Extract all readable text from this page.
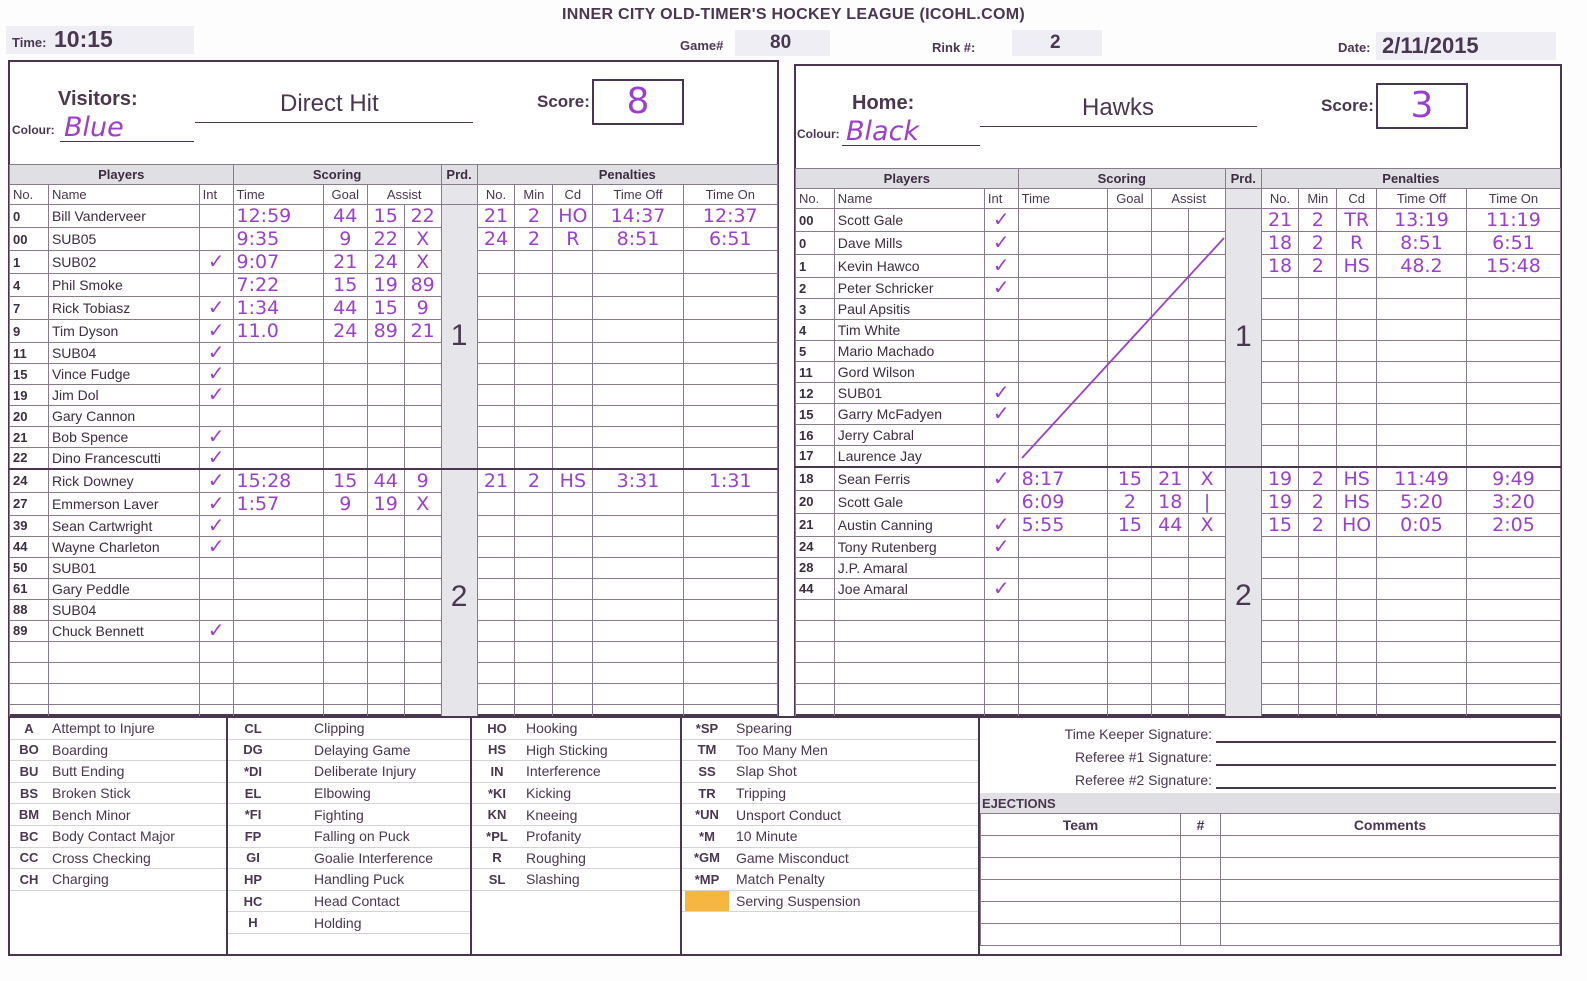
INNER CITY OLD-TIMER'S HOCKEY LEAGUE (ICOHL.COM)
Time: 10:15	Game# 80	Rink #:	2	Date: 2/11/2015
Visitors:
Colour: Blue
Direct Hit	Score:	8
Players			Scoring				Prd.	Penalties				
No.	Name	Int	Time	Goal	Assist			No.	Min	Cd	Time Off	Time On
0	Bill Vanderveer		12:59	44	15	22	1	21	2	HO	14:37	12:37
00	SUB05		9:35	9	22	X		24	2	R	8:51	6:51
1	SUB02	✓	9:07	21	24	X						
4	Phil Smoke		7:22	15	19	89						
7	Rick Tobiasz	✓	1:34	44	15	9						
9	Tim Dyson	✓	11.0	24	89	21						
11	SUB04	✓										
15	Vince Fudge	✓										
19	Jim Dol	✓										
20	Gary Cannon											
21	Bob Spence	✓										
22	Dino Francescutti	✓										
24	Rick Downey	✓	15:28	15	44	9	2	21	2	HS	3:31	1:31
27	Emmerson Laver	✓	1:57	9	19	X						
39	Sean Cartwright	✓										
44	Wayne Charleton	✓										
50	SUB01											
61	Gary Peddle											
88	SUB04											
89	Chuck Bennett	✓										

Home:
Colour: Black
Hawks	Score:	3
Players			Scoring				Prd.	Penalties				
No.	Name	Int	Time	Goal	Assist			No.	Min	Cd	Time Off	Time On
00	Scott Gale	✓					1	21	2	TR	13:19	11:19
0	Dave Mills	✓						18	2	R	8:51	6:51
1	Kevin Hawco	✓						18	2	HS	48.2	15:48
2	Peter Schricker	✓										
3	Paul Apsitis											
4	Tim White											
5	Mario Machado											
11	Gord Wilson											
12	SUB01	✓										
15	Garry McFadyen	✓										
16	Jerry Cabral											
17	Laurence Jay											
18	Sean Ferris	✓	8:17	15	21	X	2	19	2	HS	11:49	9:49
20	Scott Gale		6:09	2	18	|		19	2	HS	5:20	3:20
21	Austin Canning	✓	5:55	15	44	X		15	2	HO	0:05	2:05
24	Tony Rutenberg	✓										
28	J.P. Amaral											
44	Joe Amaral	✓										

A	Attempt to Injure
BO Boarding
BU Butt Ending
BS Broken Stick
BM Bench Minor
BC Body Contact Major
CC Cross Checking
CH Charging
CL	Clipping
DG	Delaying Game
*DI	Deliberate Injury
EL	Elbowing
*FI	Fighting
FP	Falling on Puck
GI	Goalie Interference
HP	Handling Puck
HC	Head Contact
H	Holding
HO	Hooking
HS	High Sticking
IN	Interference
*KI	Kicking
KN	Kneeing
*PL	Profanity
R	Roughing
SL	Slashing
*SP	Spearing
TM	Too Many Men
SS	Slap Shot
TR	Tripping
*UN	Unsport Conduct
*M	10 Minute
*GM	Game Misconduct
*MP	Match Penalty
Serving Suspension
Time Keeper Signature:
Referee #1 Signature:
Referee #2 Signature:
EJECTIONS
Team	#	Comments
